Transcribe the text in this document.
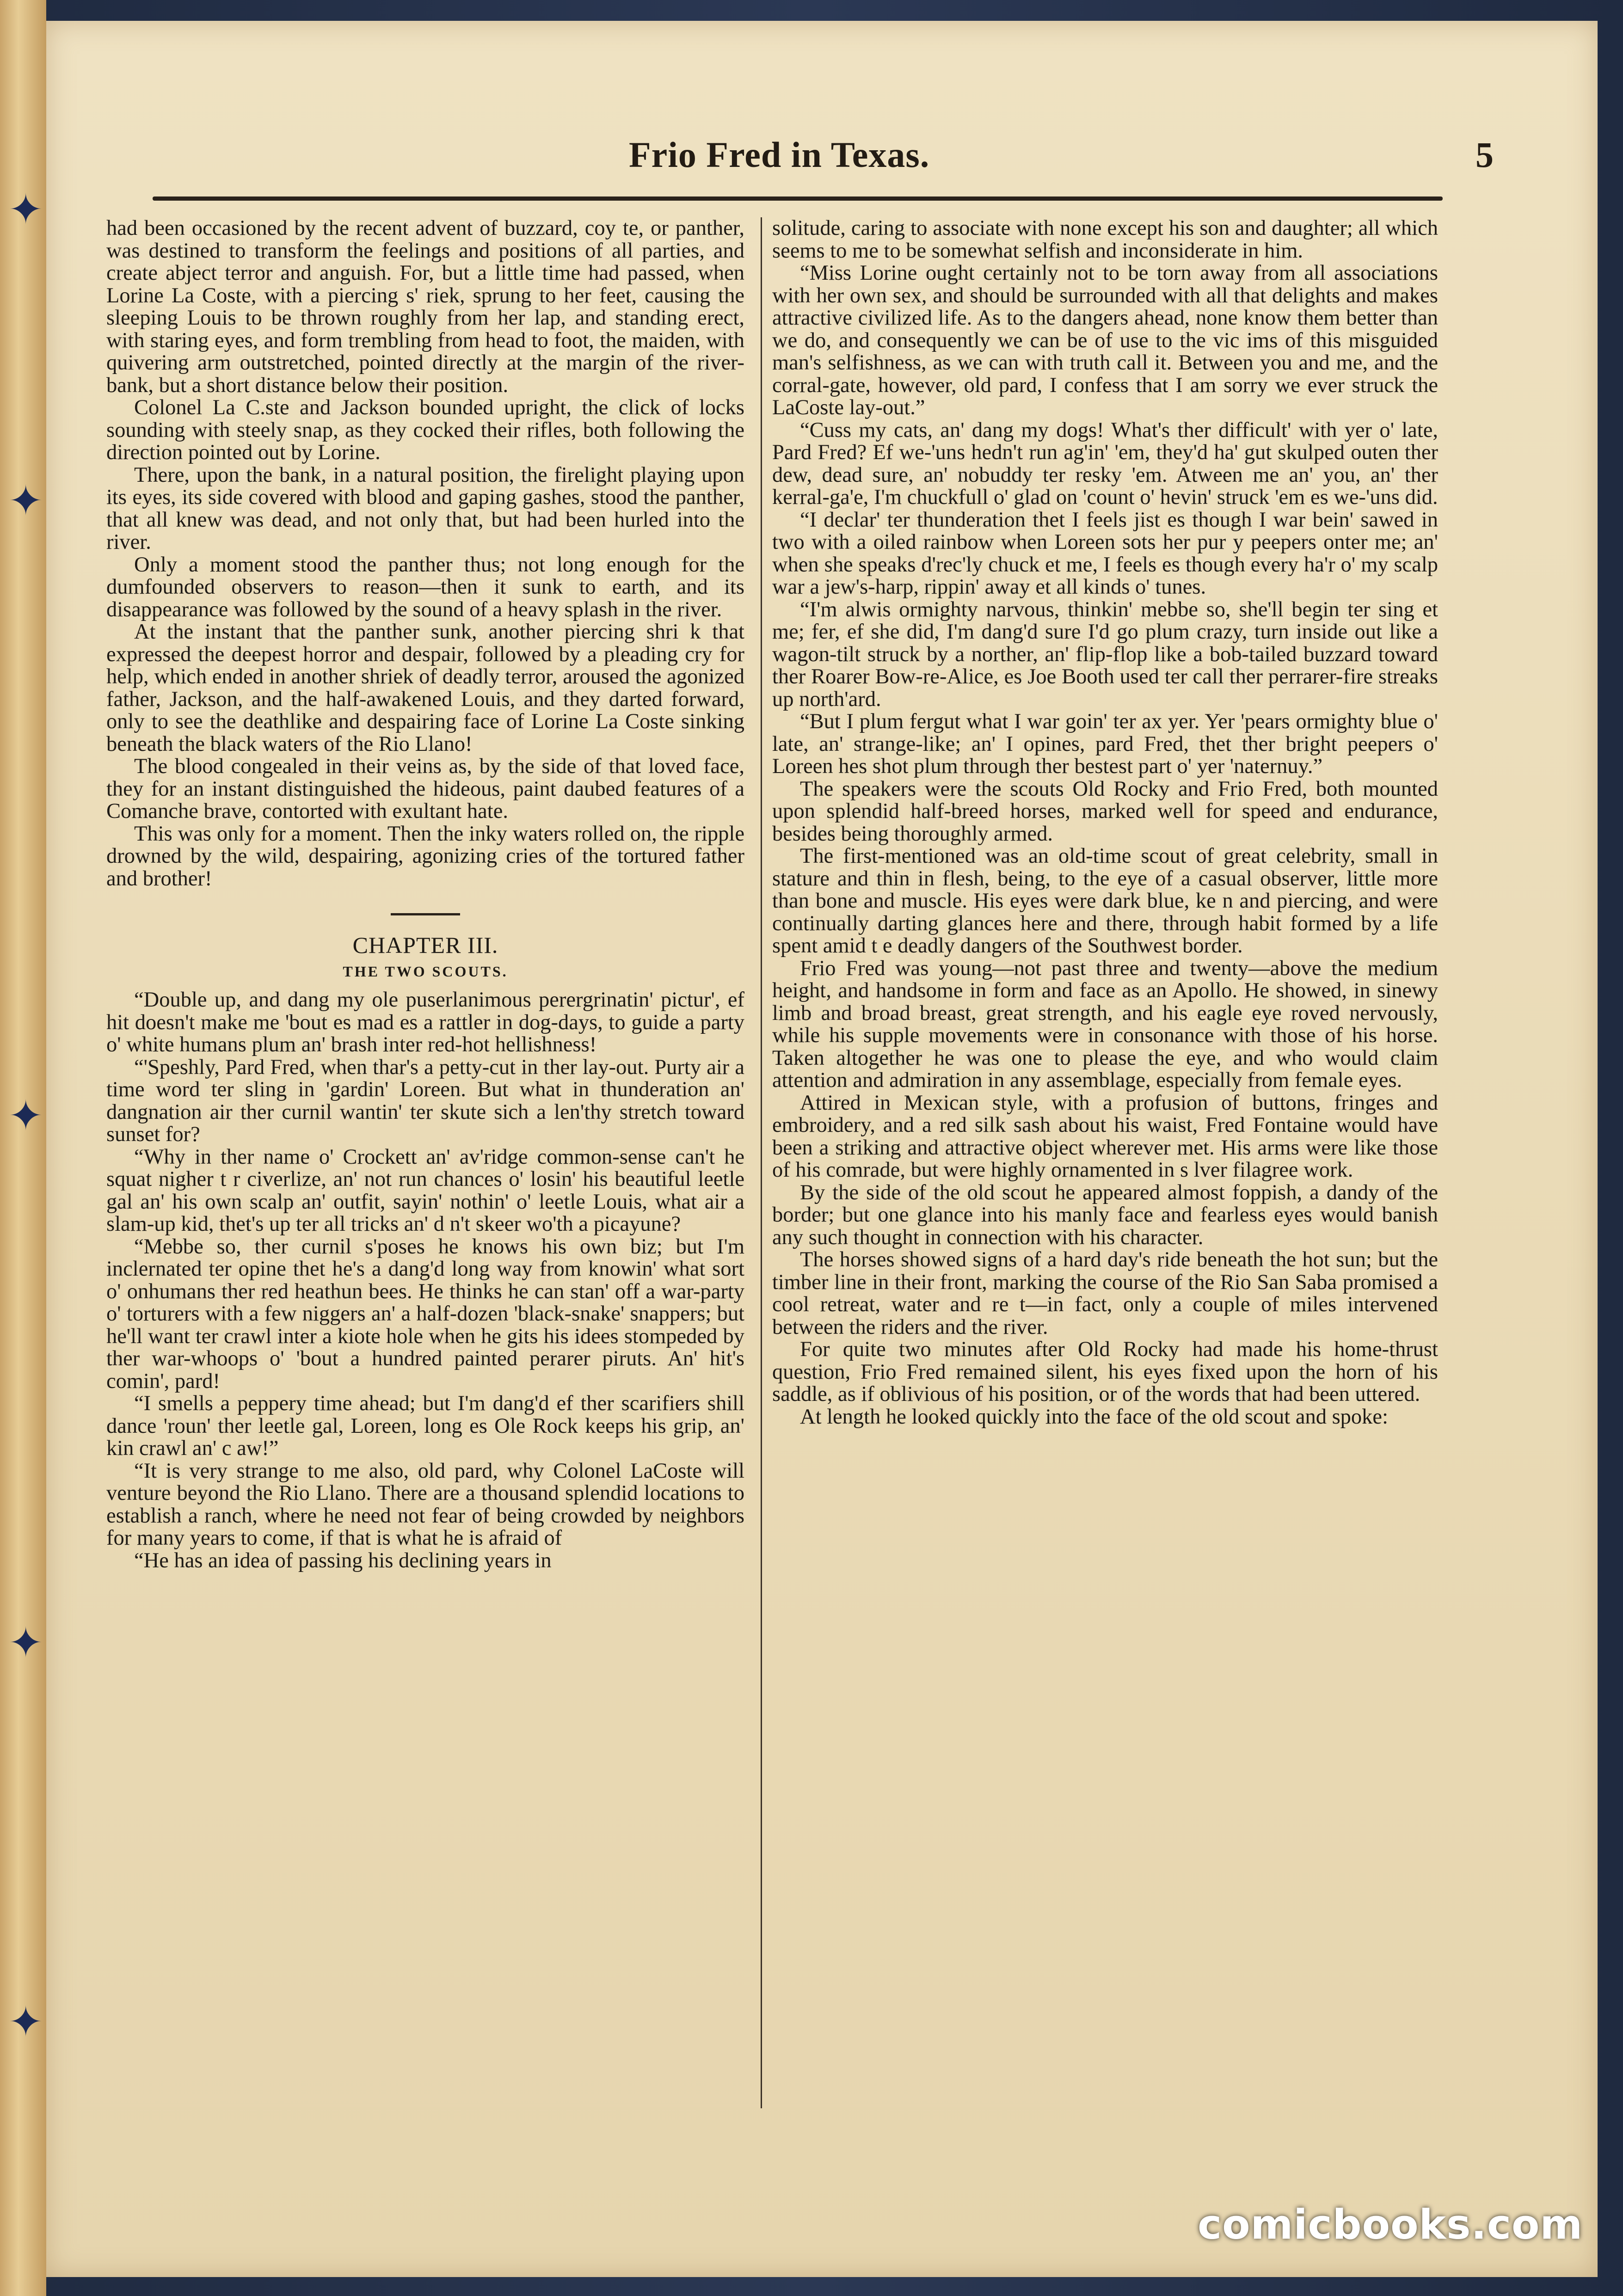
✦
✦
✦
✦
✦
Frio Fred in Texas.	5

had been occasioned by the recent advent of buzzard, coy te, or panther, was destined to transform the feelings and positions of all parties, and create abject terror and anguish. For, but a little time had passed, when Lorine La Coste, with a piercing s' riek, sprung to her feet, causing the sleeping Louis to be thrown roughly from her lap, and standing erect, with staring eyes, and form trembling from head to foot, the maiden, with quivering arm outstretched, pointed directly at the margin of the river-bank, but a short distance below their position.

Colonel La C.ste and Jackson bounded upright, the click of locks sounding with steely snap, as they cocked their rifles, both following the direction pointed out by Lorine.

There, upon the bank, in a natural position, the firelight playing upon its eyes, its side covered with blood and gaping gashes, stood the panther, that all knew was dead, and not only that, but had been hurled into the river.

Only a moment stood the panther thus; not long enough for the dumfounded observers to reason—then it sunk to earth, and its disappearance was followed by the sound of a heavy splash in the river.

At the instant that the panther sunk, another piercing shri k that expressed the deepest horror and despair, followed by a pleading cry for help, which ended in another shriek of deadly terror, aroused the agonized father, Jackson, and the half-awakened Louis, and they darted forward, only to see the deathlike and despairing face of Lorine La Coste sinking beneath the black waters of the Rio Llano!

The blood congealed in their veins as, by the side of that loved face, they for an instant distinguished the hideous, paint daubed features of a Comanche brave, contorted with exultant hate.

This was only for a moment. Then the inky waters rolled on, the ripple drowned by the wild, despairing, agonizing cries of the tortured father and brother!

CHAPTER III.
THE TWO SCOUTS.

“Double up, and dang my ole puserlanimous perergrinatin' pictur', ef hit doesn't make me 'bout es mad es a rattler in dog-days, to guide a party o' white humans plum an' brash inter red-hot hellishness!

“'Speshly, Pard Fred, when thar's a petty-cut in ther lay-out. Purty air a time word ter sling in 'gardin' Loreen. But what in thunderation an' dangnation air ther curnil wantin' ter skute sich a len'thy stretch toward sunset for?

“Why in ther name o' Crockett an' av'ridge common-sense can't he squat nigher t r civerlize, an' not run chances o' losin' his beautiful leetle gal an' his own scalp an' outfit, sayin' nothin' o' leetle Louis, what air a slam-up kid, thet's up ter all tricks an' d n't skeer wo'th a picayune?

“Mebbe so, ther curnil s'poses he knows his own biz; but I'm inclernated ter opine thet he's a dang'd long way from knowin' what sort o' onhumans ther red heathun bees. He thinks he can stan' off a war-party o' torturers with a few niggers an' a half-dozen 'black-snake' snappers; but he'll want ter crawl inter a kiote hole when he gits his idees stompeded by ther war-whoops o' 'bout a hundred painted perarer piruts. An' hit's comin', pard!

“I smells a peppery time ahead; but I'm dang'd ef ther scarifiers shill dance 'roun' ther leetle gal, Loreen, long es Ole Rock keeps his grip, an' kin crawl an' c aw!”

“It is very strange to me also, old pard, why Colonel LaCoste will venture beyond the Rio Llano. There are a thousand splendid locations to establish a ranch, where he need not fear of being crowded by neighbors for many years to come, if that is what he is afraid of

“He has an idea of passing his declining years in

solitude, caring to associate with none except his son and daughter; all which seems to me to be somewhat selfish and inconsiderate in him.

“Miss Lorine ought certainly not to be torn away from all associations with her own sex, and should be surrounded with all that delights and makes attractive civilized life. As to the dangers ahead, none know them better than we do, and consequently we can be of use to the vic ims of this misguided man's selfishness, as we can with truth call it. Between you and me, and the corral-gate, however, old pard, I confess that I am sorry we ever struck the LaCoste lay-out.”

“Cuss my cats, an' dang my dogs! What's ther difficult' with yer o' late, Pard Fred? Ef we-'uns hedn't run ag'in' 'em, they'd ha' gut skulped outen ther dew, dead sure, an' nobuddy ter resky 'em. Atween me an' you, an' ther kerral-ga'e, I'm chuckfull o' glad on 'count o' hevin' struck 'em es we-'uns did.

“I declar' ter thunderation thet I feels jist es though I war bein' sawed in two with a oiled rainbow when Loreen sots her pur y peepers onter me; an' when she speaks d'rec'ly chuck et me, I feels es though every ha'r o' my scalp war a jew's-harp, rippin' away et all kinds o' tunes.

“I'm alwis ormighty narvous, thinkin' mebbe so, she'll begin ter sing et me; fer, ef she did, I'm dang'd sure I'd go plum crazy, turn inside out like a wagon-tilt struck by a norther, an' flip-flop like a bob-tailed buzzard toward ther Roarer Bow-re-Alice, es Joe Booth used ter call ther perrarer-fire streaks up north'ard.

“But I plum fergut what I war goin' ter ax yer. Yer 'pears ormighty blue o' late, an' strange-like; an' I opines, pard Fred, thet ther bright peepers o' Loreen hes shot plum through ther bestest part o' yer 'naternuy.”

The speakers were the scouts Old Rocky and Frio Fred, both mounted upon splendid half-breed horses, marked well for speed and endurance, besides being thoroughly armed.

The first-mentioned was an old-time scout of great celebrity, small in stature and thin in flesh, being, to the eye of a casual observer, little more than bone and muscle. His eyes were dark blue, ke n and piercing, and were continually darting glances here and there, through habit formed by a life spent amid t e deadly dangers of the Southwest border.

Frio Fred was young—not past three and twenty—above the medium height, and handsome in form and face as an Apollo. He showed, in sinewy limb and broad breast, great strength, and his eagle eye roved nervously, while his supple movements were in consonance with those of his horse. Taken altogether he was one to please the eye, and who would claim attention and admiration in any assemblage, especially from female eyes.

Attired in Mexican style, with a profusion of buttons, fringes and embroidery, and a red silk sash about his waist, Fred Fontaine would have been a striking and attractive object wherever met. His arms were like those of his comrade, but were highly ornamented in s lver filagree work.

By the side of the old scout he appeared almost foppish, a dandy of the border; but one glance into his manly face and fearless eyes would banish any such thought in connection with his character.

The horses showed signs of a hard day's ride beneath the hot sun; but the timber line in their front, marking the course of the Rio San Saba promised a cool retreat, water and re t—in fact, only a couple of miles intervened between the riders and the river.

For quite two minutes after Old Rocky had made his home-thrust question, Frio Fred remained silent, his eyes fixed upon the horn of his saddle, as if oblivious of his position, or of the words that had been uttered.

At length he looked quickly into the face of the old scout and spoke:

comicbooks.com
